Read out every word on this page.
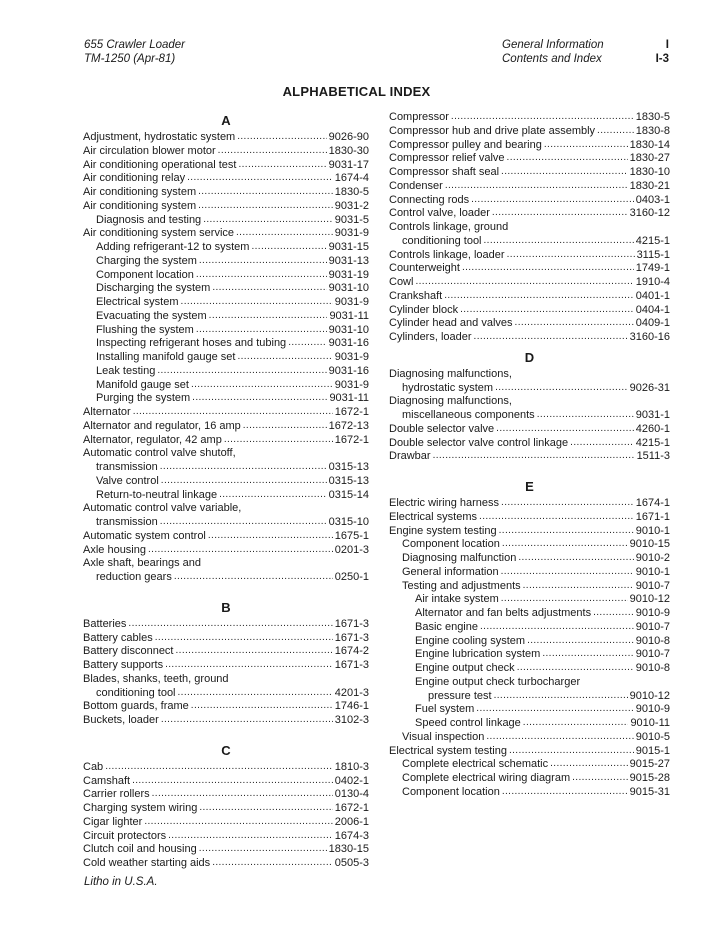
655 Crawler Loader
TM-1250 (Apr-81)
General Information
Contents and Index
I
I-3
ALPHABETICAL INDEX
A
Adjustment, hydrostatic system . . .	9026-90
Air circulation blower motor . . .	1830-30
Air conditioning operational test . . .	9031-17
Air conditioning relay . . .	1674-4
Air conditioning system . . .	1830-5
Air conditioning system . . .	9031-2
Diagnosis and testing . . .	9031-5
Air conditioning system service . . .	9031-9
Adding refrigerant-12 to system . . .	9031-15
Charging the system . . .	9031-13
Component location . . .	9031-19
Discharging the system . . .	9031-10
Electrical system . . .	9031-9
Evacuating the system . . .	9031-11
Flushing the system . . .	9031-10
Inspecting refrigerant hoses and tubing . . .	9031-16
Installing manifold gauge set . . .	9031-9
Leak testing . . .	9031-16
Manifold gauge set . . .	9031-9
Purging the system . . .	9031-11
Alternator . . .	1672-1
Alternator and regulator, 16 amp . . .	1672-13
Alternator, regulator, 42 amp . . .	1672-1
Automatic control valve shutoff,
transmission . . .	0315-13
Valve control . . .	0315-13
Return-to-neutral linkage . . .	0315-14
Automatic control valve variable,
transmission . . .	0315-10
Automatic system control . . .	1675-1
Axle housing . . .	0201-3
Axle shaft, bearings and
reduction gears . . .	0250-1
B
Batteries . . .	1671-3
Battery cables . . .	1671-3
Battery disconnect . . .	1674-2
Battery supports . . .	1671-3
Blades, shanks, teeth, ground
conditioning tool . . .	4201-3
Bottom guards, frame . . .	1746-1
Buckets, loader . . .	3102-3
C
Cab . . .	1810-3
Camshaft . . .	0402-1
Carrier rollers . . .	0130-4
Charging system wiring . . .	1672-1
Cigar lighter . . .	2006-1
Circuit protectors . . .	1674-3
Clutch coil and housing . . .	1830-15
Cold weather starting aids . . .	0505-3
Compressor . . .	1830-5
Compressor hub and drive plate assembly . . .	1830-8
Compressor pulley and bearing . . .	1830-14
Compressor relief valve . . .	1830-27
Compressor shaft seal . . .	1830-10
Condenser . . .	1830-21
Connecting rods . . .	0403-1
Control valve, loader . . .	3160-12
Controls linkage, ground
conditioning tool . . .	4215-1
Controls linkage, loader . . .	3115-1
Counterweight . . .	1749-1
Cowl . . .	1910-4
Crankshaft . . .	0401-1
Cylinder block . . .	0404-1
Cylinder head and valves . . .	0409-1
Cylinders, loader . . .	3160-16
D
Diagnosing malfunctions,
hydrostatic system . . .	9026-31
Diagnosing malfunctions,
miscellaneous components . . .	9031-1
Double selector valve . . .	4260-1
Double selector valve control linkage . . .	4215-1
Drawbar . . .	1511-3
E
Electric wiring harness . . .	1674-1
Electrical systems . . .	1671-1
Engine system testing . . .	9010-1
Component location . . .	9010-15
Diagnosing malfunction . . .	9010-2
General information . . .	9010-1
Testing and adjustments . . .	9010-7
Air intake system . . .	9010-12
Alternator and fan belts adjustments . . .	9010-9
Basic engine . . .	9010-7
Engine cooling system . . .	9010-8
Engine lubrication system . . .	9010-7
Engine output check . . .	9010-8
Engine output check turbocharger
pressure test . . .	9010-12
Fuel system . . .	9010-9
Speed control linkage . . .	9010-11
Visual inspection . . .	9010-5
Electrical system testing . . .	9015-1
Complete electrical schematic . . .	9015-27
Complete electrical wiring diagram . . .	9015-28
Component location . . .	9015-31
Litho in U.S.A.
